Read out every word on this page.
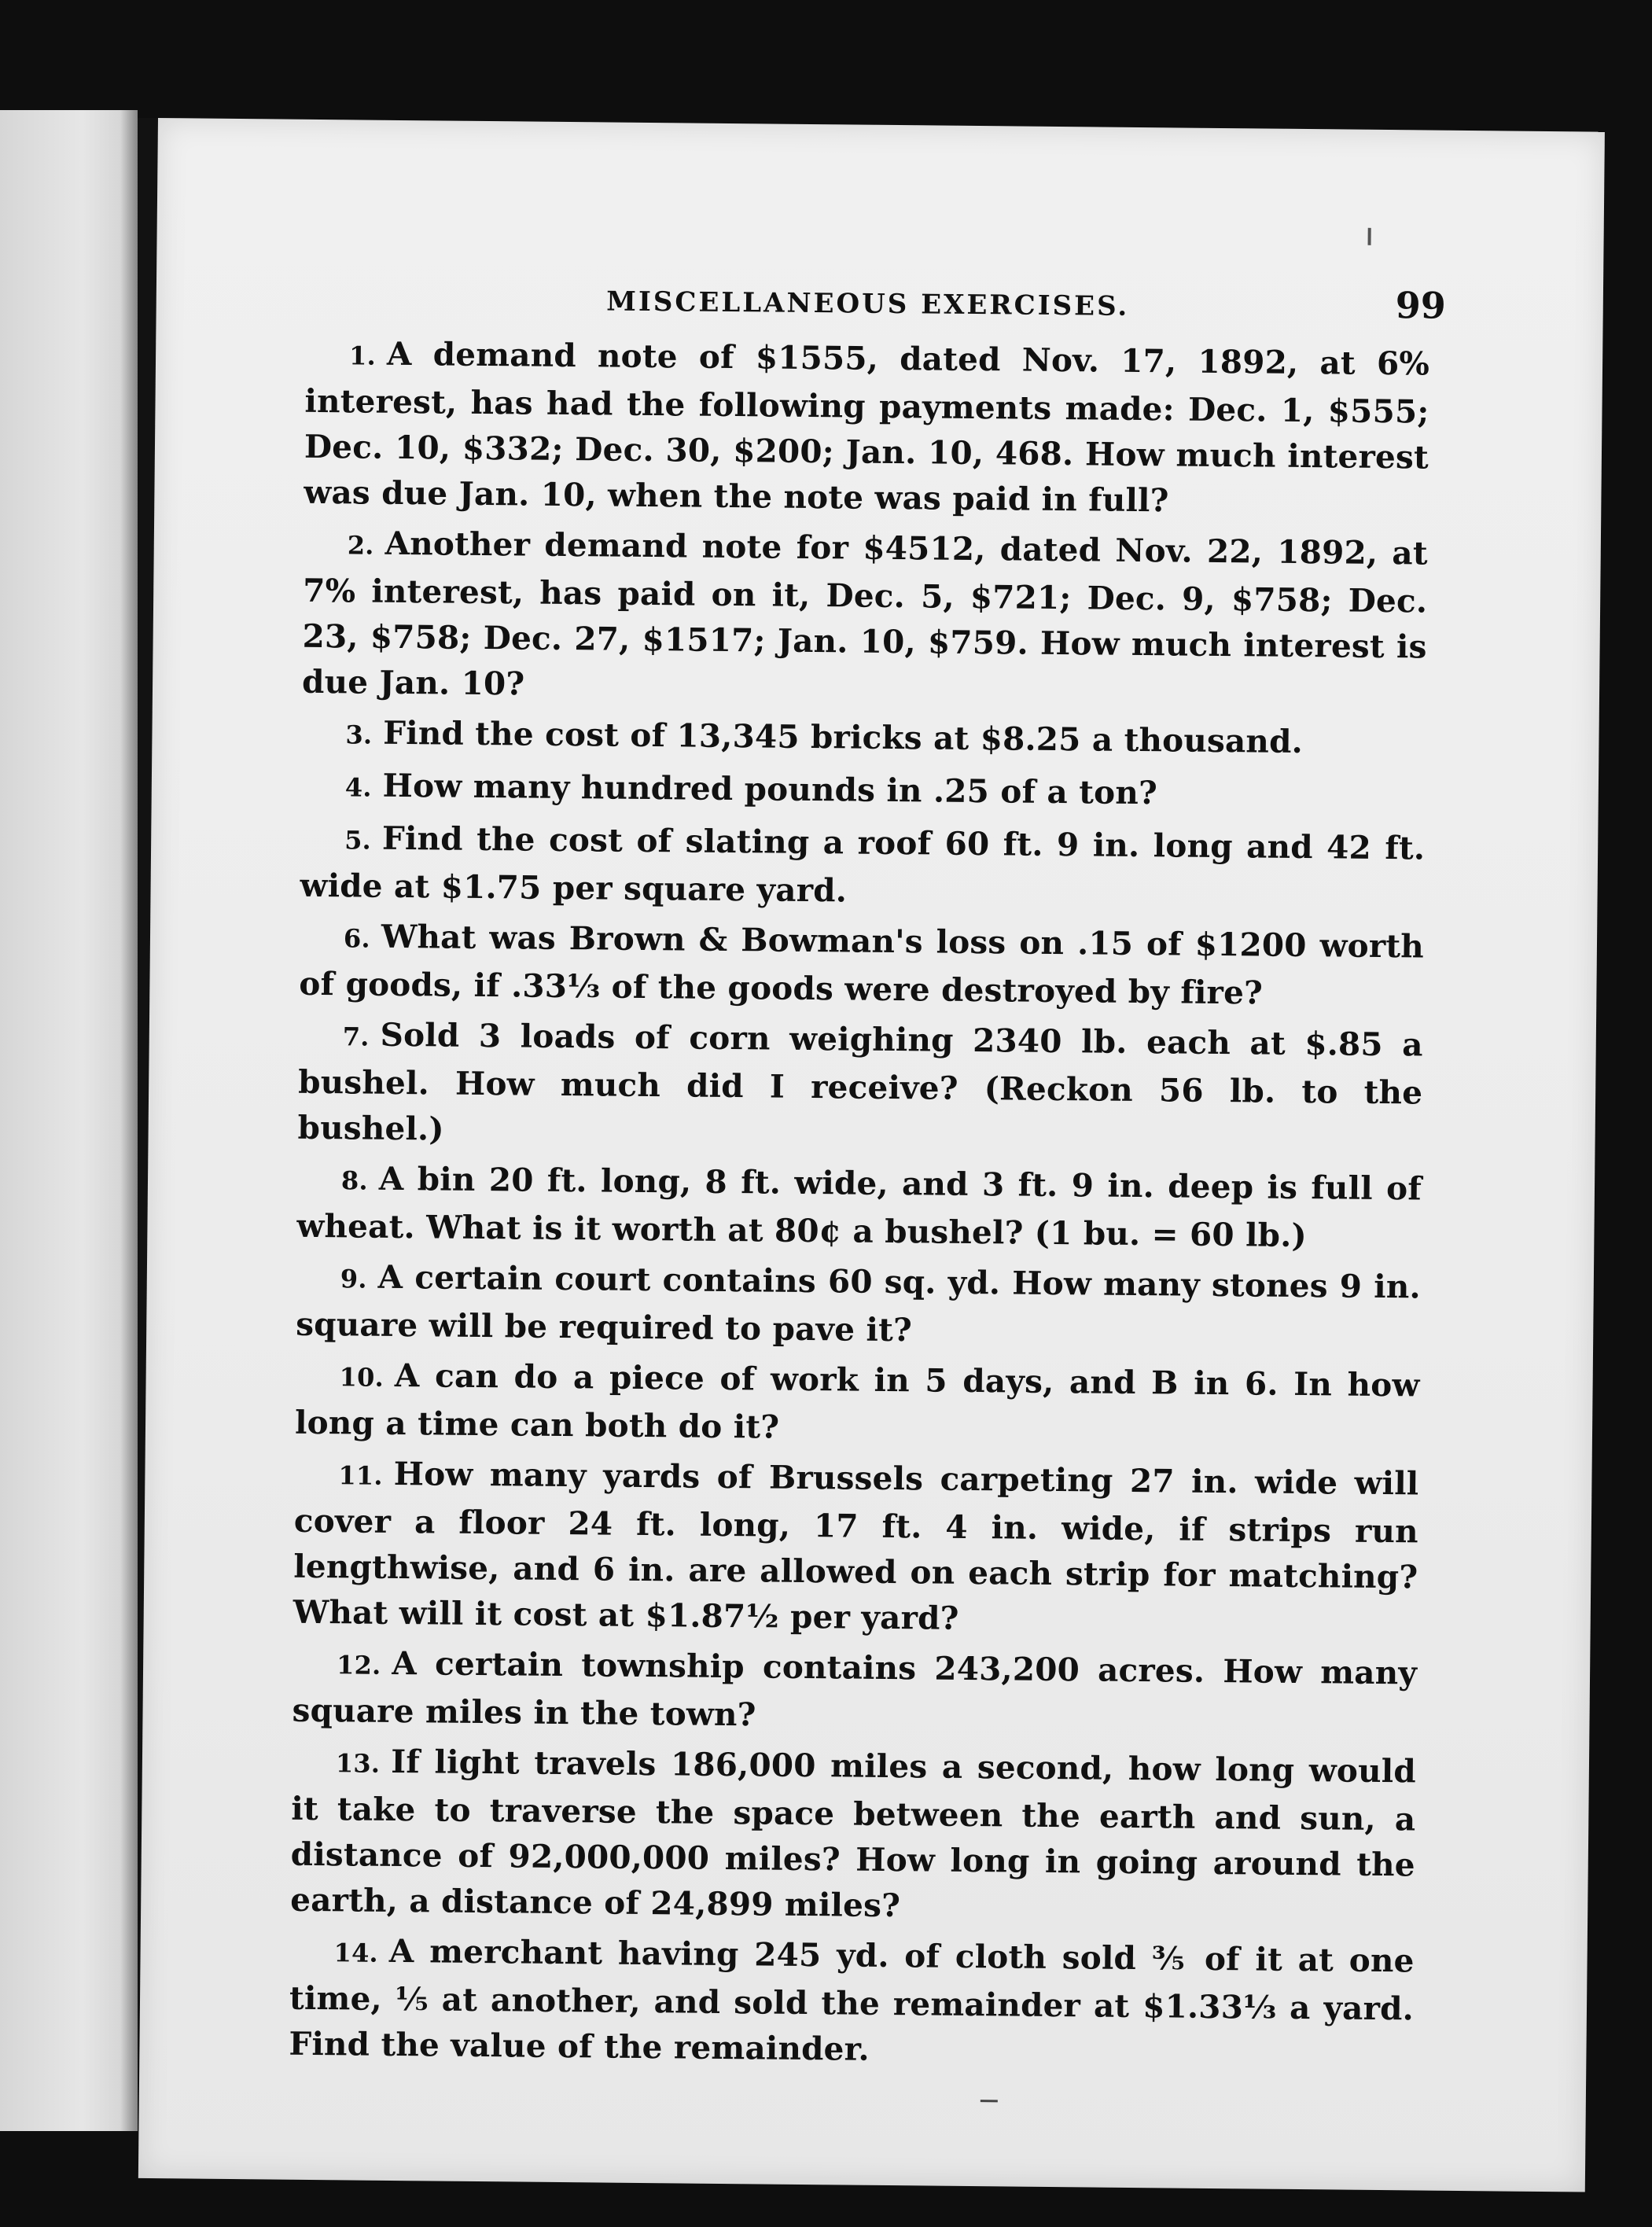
MISCELLANEOUS EXERCISES.	99

1. A demand note of $1555, dated Nov. 17, 1892, at 6% interest, has had the following payments made: Dec. 1, $555; Dec. 10, $332; Dec. 30, $200; Jan. 10, 468. How much interest was due Jan. 10, when the note was paid in full?

2. Another demand note for $4512, dated Nov. 22, 1892, at 7% interest, has paid on it, Dec. 5, $721; Dec. 9, $758; Dec. 23, $758; Dec. 27, $1517; Jan. 10, $759. How much interest is due Jan. 10?

3. Find the cost of 13,345 bricks at $8.25 a thousand.

4. How many hundred pounds in .25 of a ton?

5. Find the cost of slating a roof 60 ft. 9 in. long and 42 ft. wide at $1.75 per square yard.

6. What was Brown & Bowman's loss on .15 of $1200 worth of goods, if .33⅓ of the goods were destroyed by fire?

7. Sold 3 loads of corn weighing 2340 lb. each at $.85 a bushel. How much did I receive? (Reckon 56 lb. to the bushel.)

8. A bin 20 ft. long, 8 ft. wide, and 3 ft. 9 in. deep is full of wheat. What is it worth at 80¢ a bushel? (1 bu. = 60 lb.)

9. A certain court contains 60 sq. yd. How many stones 9 in. square will be required to pave it?

10. A can do a piece of work in 5 days, and B in 6. In how long a time can both do it?

11. How many yards of Brussels carpeting 27 in. wide will cover a floor 24 ft. long, 17 ft. 4 in. wide, if strips run lengthwise, and 6 in. are allowed on each strip for matching? What will it cost at $1.87½ per yard?

12. A certain township contains 243,200 acres. How many square miles in the town?

13. If light travels 186,000 miles a second, how long would it take to traverse the space between the earth and sun, a distance of 92,000,000 miles? How long in going around the earth, a distance of 24,899 miles?

14. A merchant having 245 yd. of cloth sold ⅗ of it at one time, ⅕ at another, and sold the remainder at $1.33⅓ a yard. Find the value of the remainder.
